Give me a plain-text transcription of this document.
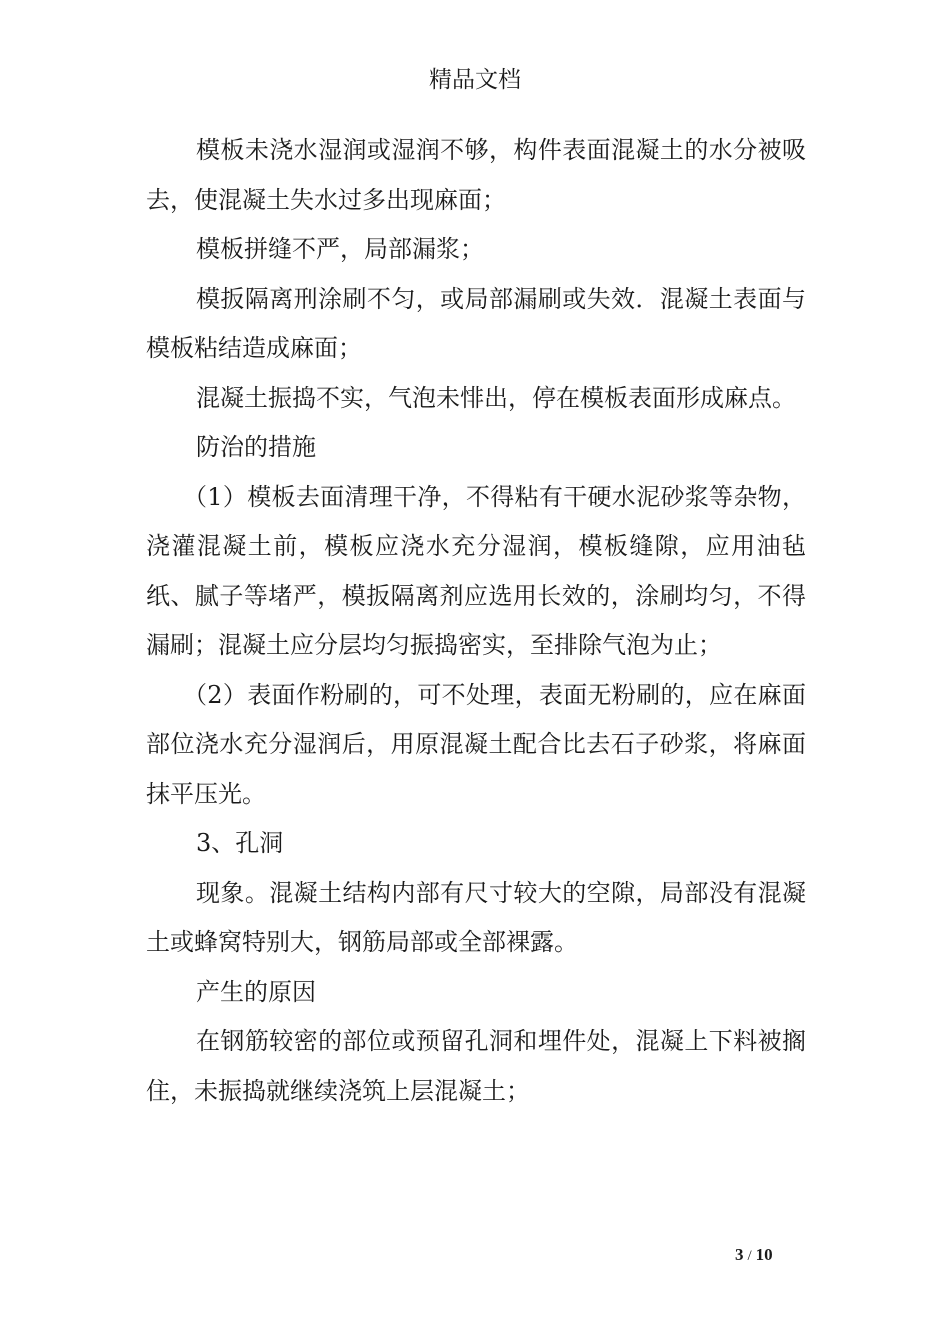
精品文档

模板未浇水湿润或湿润不够，构件表面混凝土的水分被吸去，使混凝土失水过多出现麻面；

模板拼缝不严，局部漏浆；

模扳隔离刑涂刷不匀，或局部漏刷或失效．混凝土表面与模板粘结造成麻面；

混凝土振捣不实，气泡未悱出，停在模板表面形成麻点。

防治的措施

（1）模板去面清理干净，不得粘有干硬水泥砂浆等杂物，浇灌混凝土前，模板应浇水充分湿润，模板缝隙，应用油毡纸、腻子等堵严，模扳隔离剂应选用长效的，涂刷均匀，不得漏刷；混凝土应分层均匀振捣密实，至排除气泡为止；

（2）表面作粉刷的，可不处理，表面无粉刷的，应在麻面部位浇水充分湿润后，用原混凝土配合比去石子砂浆，将麻面抹平压光。

3、孔洞

现象。混凝土结构内部有尺寸较大的空隙，局部没有混凝土或蜂窝特别大，钢筋局部或全部裸露。

产生的原因

在钢筋较密的部位或预留孔洞和埋件处，混凝上下料被搁住，未振捣就继续浇筑上层混凝土；

3 / 10
